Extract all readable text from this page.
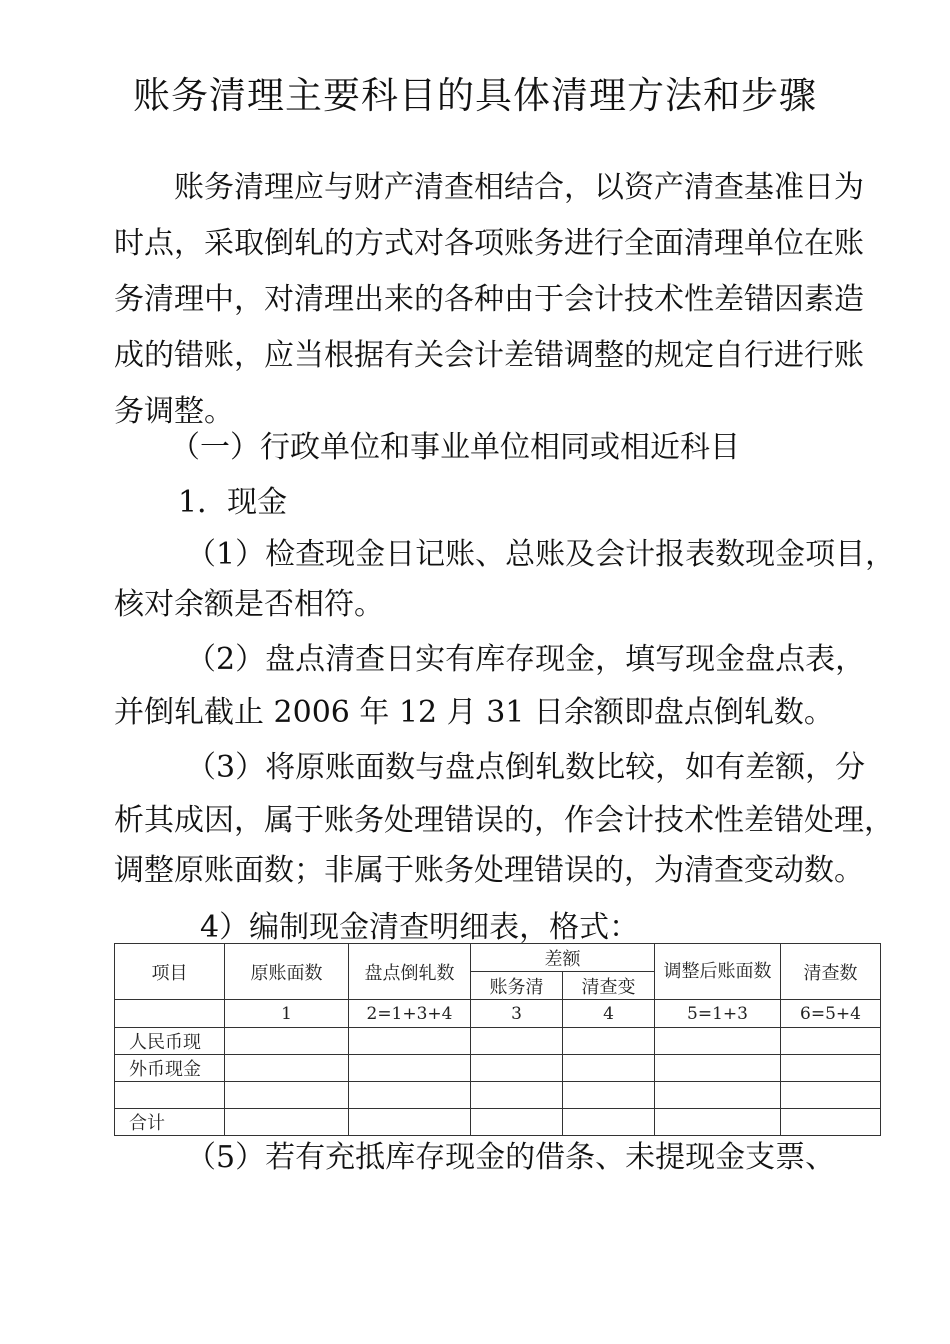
账务清理主要科目的具体清理方法和步骤
账务清理应与财产清查相结合，以资产清查基准日为时点，采取倒轧的方式对各项账务进行全面清理单位在账务清理中，对清理出来的各种由于会计技术性差错因素造成的错账，应当根据有关会计差错调整的规定自行进行账务调整。
（一）行政单位和事业单位相同或相近科目
1．现金
（1）检查现金日记账、总账及会计报表数现金项目，
核对余额是否相符。
（2）盘点清查日实有库存现金，填写现金盘点表，
并倒轧截止 2006 年 12 月 31 日余额即盘点倒轧数。
（3）将原账面数与盘点倒轧数比较，如有差额，分
析其成因，属于账务处理错误的，作会计技术性差错处理，
调整原账面数；非属于账务处理错误的，为清查变动数。
4）编制现金清查明细表，格式：
项目	原账面数	盘点倒轧数	差额		调整后账面数	清查数
			账务清	清查变		
	1	2=1+3+4	3	4	5=1+3	6=5+4
人民币现						
外币现金						

合计						
（5）若有充抵库存现金的借条、未提现金支票、
